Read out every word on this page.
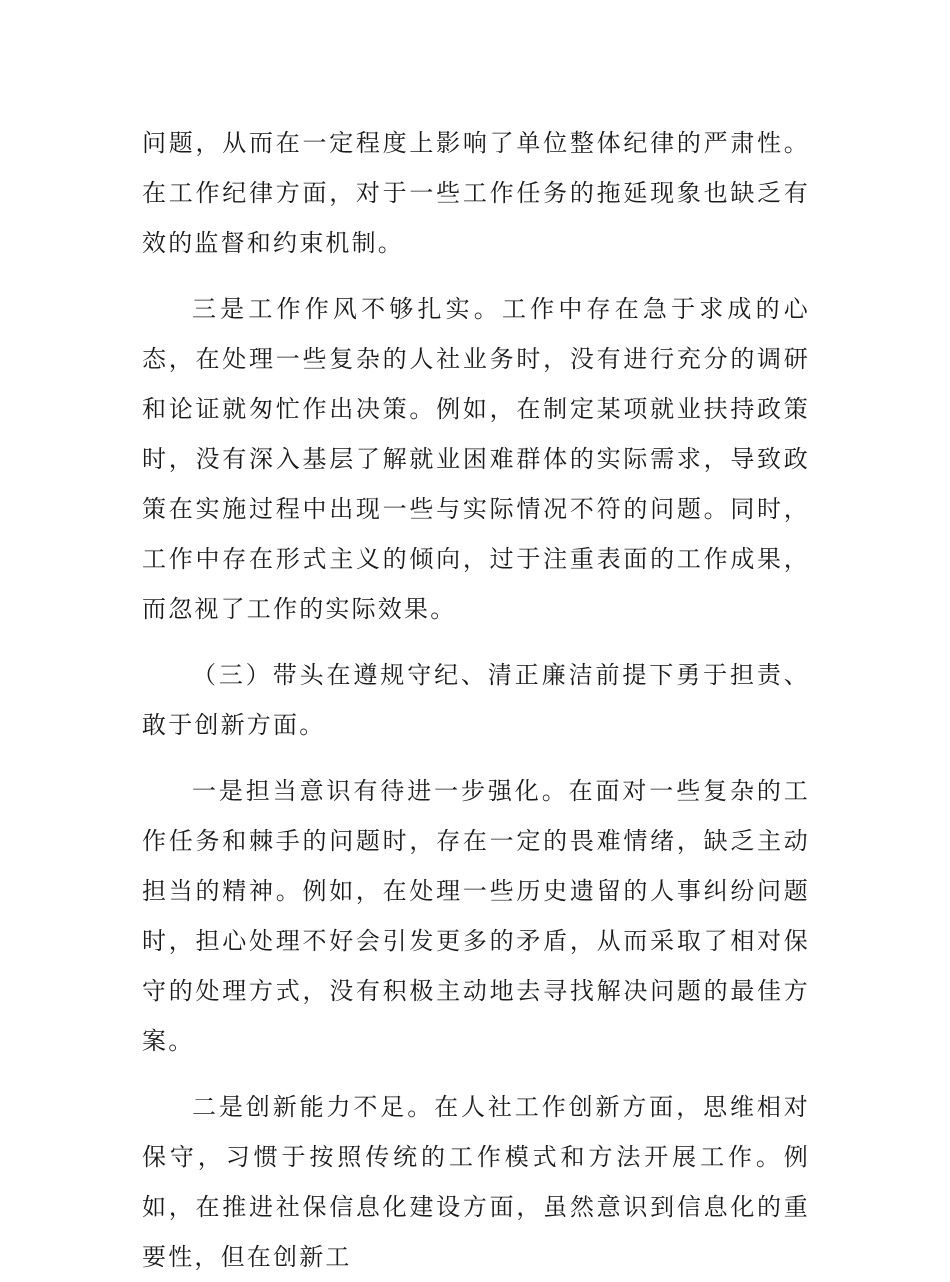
问题，从而在一定程度上影响了单位整体纪律的严肃性。在工作纪律方面，对于一些工作任务的拖延现象也缺乏有效的监督和约束机制。

三是工作作风不够扎实。工作中存在急于求成的心态，在处理一些复杂的人社业务时，没有进行充分的调研和论证就匆忙作出决策。例如，在制定某项就业扶持政策时，没有深入基层了解就业困难群体的实际需求，导致政策在实施过程中出现一些与实际情况不符的问题。同时，工作中存在形式主义的倾向，过于注重表面的工作成果，而忽视了工作的实际效果。

（三）带头在遵规守纪、清正廉洁前提下勇于担责、敢于创新方面。

一是担当意识有待进一步强化。在面对一些复杂的工作任务和棘手的问题时，存在一定的畏难情绪，缺乏主动担当的精神。例如，在处理一些历史遗留的人事纠纷问题时，担心处理不好会引发更多的矛盾，从而采取了相对保守的处理方式，没有积极主动地去寻找解决问题的最佳方案。

二是创新能力不足。在人社工作创新方面，思维相对保守，习惯于按照传统的工作模式和方法开展工作。例如，在推进社保信息化建设方面，虽然意识到信息化的重要性，但在创新工
